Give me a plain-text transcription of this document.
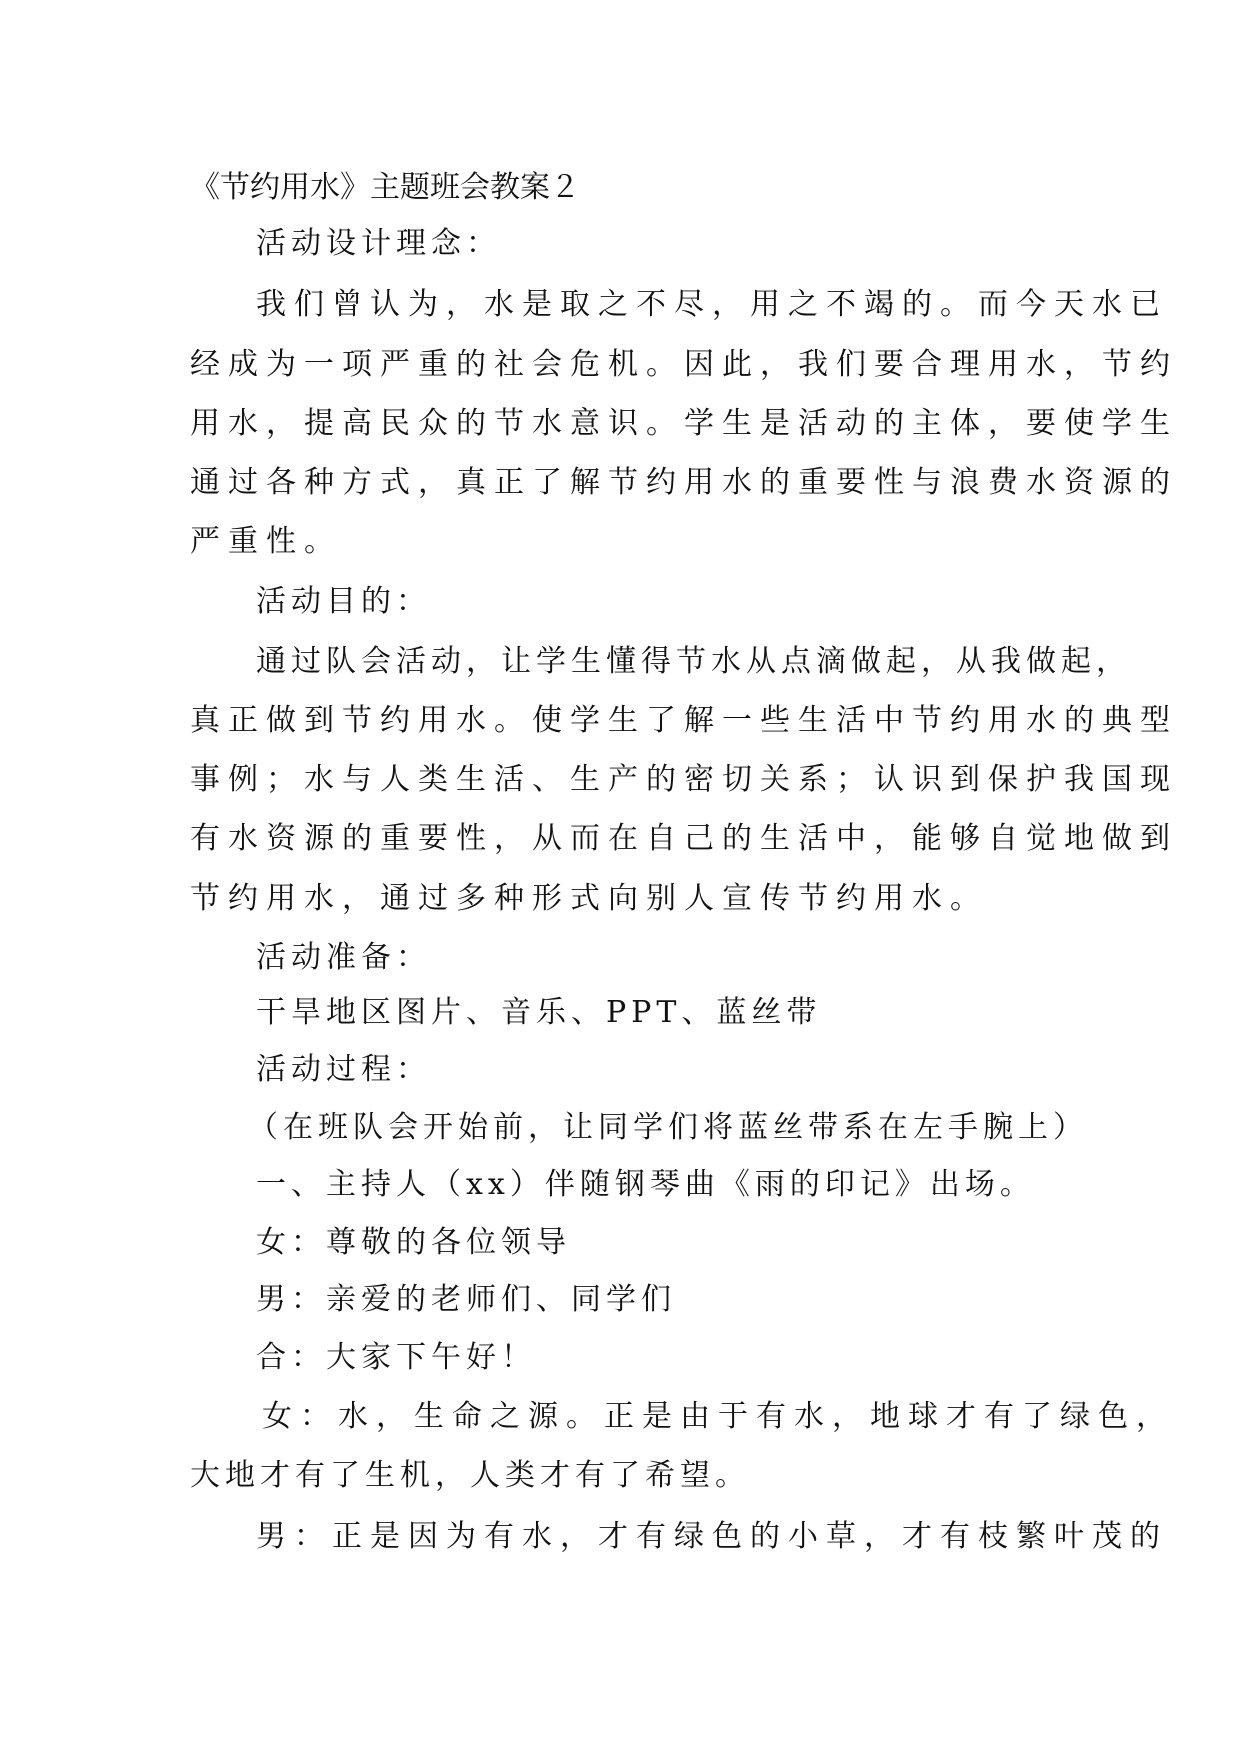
《节约用水》主题班会教案２
活动设计理念：
我们曾认为，水是取之不尽，用之不竭的。而今天水已
经成为一项严重的社会危机。因此，我们要合理用水，节约
用水，提高民众的节水意识。学生是活动的主体，要使学生
通过各种方式，真正了解节约用水的重要性与浪费水资源的
严重性。
活动目的：
通过队会活动，让学生懂得节水从点滴做起，从我做起，
真正做到节约用水。使学生了解一些生活中节约用水的典型
事例；水与人类生活、生产的密切关系；认识到保护我国现
有水资源的重要性，从而在自己的生活中，能够自觉地做到
节约用水，通过多种形式向别人宣传节约用水。
活动准备：
干旱地区图片、音乐、PPT、蓝丝带
活动过程：
（在班队会开始前，让同学们将蓝丝带系在左手腕上）
一、主持人（xx）伴随钢琴曲《雨的印记》出场。
女：尊敬的各位领导
男：亲爱的老师们、同学们
合：大家下午好！
女：水，生命之源。正是由于有水，地球才有了绿色，
大地才有了生机，人类才有了希望。
男：正是因为有水，才有绿色的小草，才有枝繁叶茂的
